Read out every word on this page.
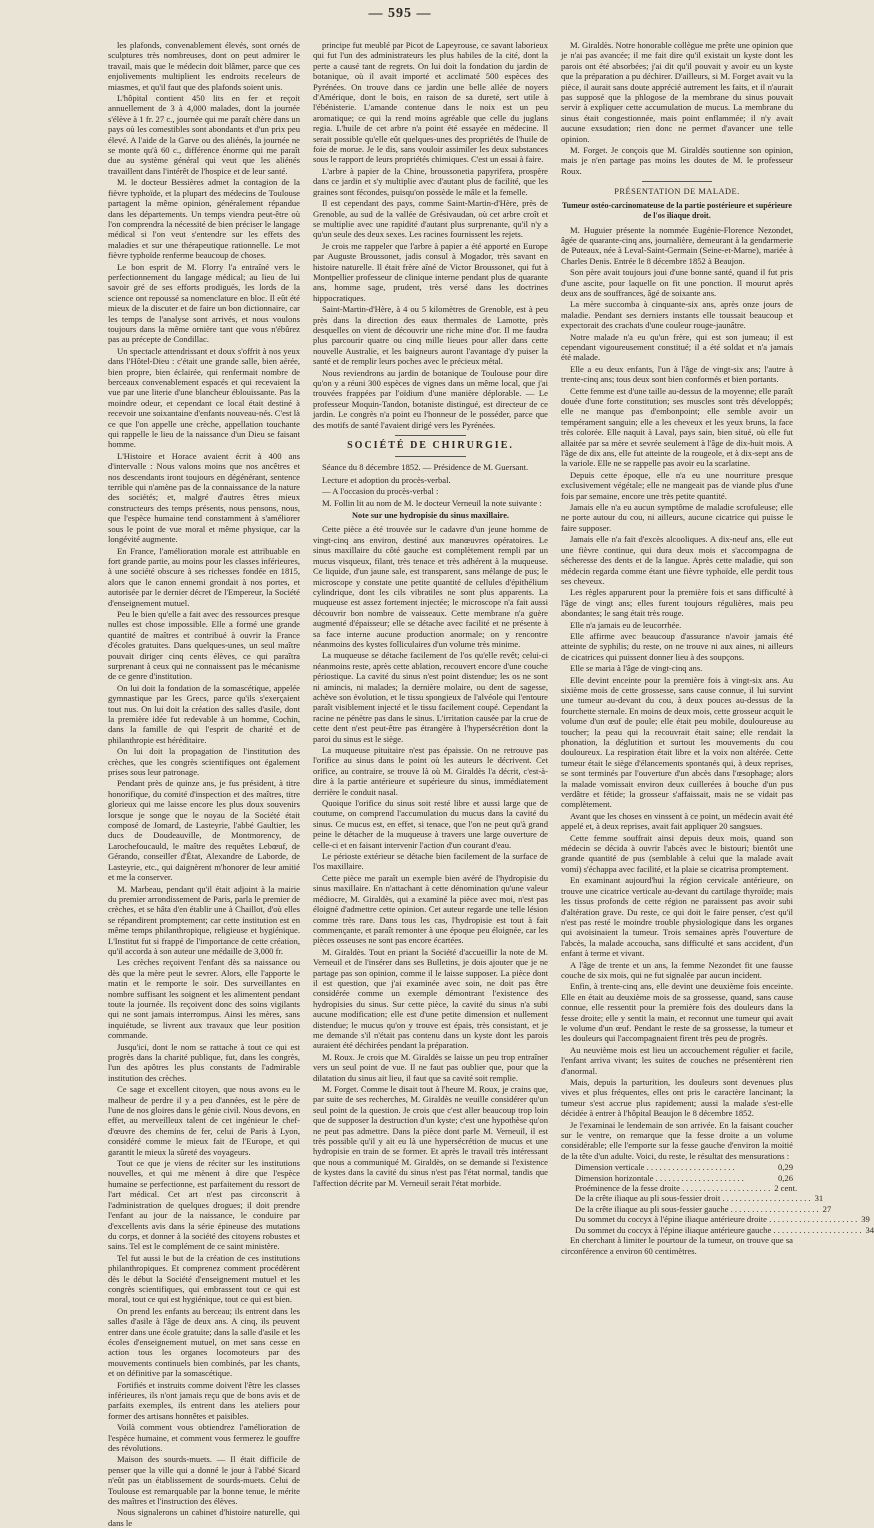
— 595 —

les plafonds, convenablement élevés, sont ornés de sculptures très nombreuses, dont on peut admirer le travail, mais que le médecin doit blâmer, parce que ces enjolivements multiplient les endroits receleurs de miasmes, et qu'il faut que des plafonds soient unis.

L'hôpital contient 450 lits en fer et reçoit annuellement de 3 à 4,000 malades, dont la journée s'élève à 1 fr. 27 c., journée qui me paraît chère dans un pays où les comestibles sont abondants et d'un prix peu élevé. A l'aide de la Garve ou des aliénés, la journée ne se monte qu'à 60 c., différence énorme qui me paraît due au système général qui veut que les aliénés travaillent dans l'intérêt de l'hospice et de leur santé.

M. le docteur Bessières admet la contagion de la fièvre typhoïde, et la plupart des médecins de Toulouse partagent la même opinion, généralement répandue dans les départements. Un temps viendra peut-être où l'on comprendra la nécessité de bien préciser le langage médical si l'on veut s'entendre sur les effets des maladies et sur une thérapeutique rationnelle. Le mot fièvre typhoïde renferme beaucoup de choses.

Le bon esprit de M. Florry l'a entraîné vers le perfectionnement du langage médical; au lieu de lui savoir gré de ses efforts prodigués, les lords de la science ont repoussé sa nomenclature en bloc. Il eût été mieux de la discuter et de faire un bon dictionnaire, car les temps de l'analyse sont arrivés, et nous voulons toujours dans la même ornière tant que vous n'ébûrez pas au précepte de Condillac.

Un spectacle attendrissant et doux s'offrit à nos yeux dans l'Hôtel-Dieu : c'était une grande salle, bien aérée, bien propre, bien éclairée, qui renfermait nombre de berceaux convenablement espacés et qui recevaient la vue par une literie d'une blancheur éblouissante. Pas la moindre odeur, et cependant ce local était destiné à recevoir une soixantaine d'enfants nouveau-nés. C'est là ce que l'on appelle une crèche, appellation touchante qui rappelle le lieu de la naissance d'un Dieu se faisant homme.

L'Histoire et Horace avaient écrit à 400 ans d'intervalle : Nous valons moins que nos ancêtres et nos descendants iront toujours en dégénérant, sentence terrible qui n'amène pas de la connaissance de la nature des sociétés; et, malgré d'autres êtres mieux constructeurs des temps présents, nous pensons, nous, que l'espèce humaine tend constamment à s'améliorer sous le point de vue moral et même physique, car la longévité augmente.

En France, l'amélioration morale est attribuable en fort grande partie, au moins pour les classes inférieures, à une société obscure à ses richesses fondée en 1815, alors que le canon ennemi grondait à nos portes, et autorisée par le dernier décret de l'Empereur, la Société d'enseignement mutuel.

Peu le bien qu'elle a fait avec des ressources presque nulles est chose impossible. Elle a formé une grande quantité de maîtres et contribué à ouvrir la France d'écoles gratuites. Dans quelques-unes, un seul maître pouvait diriger cinq cents élèves, ce qui paraîtra surprenant à ceux qui ne connaissent pas le mécanisme de ce genre d'institution.

On lui doit la fondation de la somascétique, appelée gymnastique par les Grecs, parce qu'ils s'exerçaient tout nus. On lui doit la création des salles d'asile, dont la première idée fut redevable à un homme, Cochin, dans la famille de qui l'esprit de charité et de philanthropie est héréditaire.

On lui doit la propagation de l'institution des crèches, que les congrès scientifiques ont également prises sous leur patronage.

Pendant près de quinze ans, je fus président, à titre honorifique, du comité d'inspection et des maîtres, titre glorieux qui me laisse encore les plus doux souvenirs lorsque je songe que le noyau de la Société était composé de Jomard, de Lasteyrie, l'abbé Gaultier, les ducs de Doudeauville, de Montmorency, de Larochefoucauld, le maître des requêtes Lebœuf, de Gérando, conseiller d'État, Alexandre de Laborde, de Lasteyrie, etc., qui daignèrent m'honorer de leur amitié et me la conserver.

M. Marbeau, pendant qu'il était adjoint à la mairie du premier arrondissement de Paris, parla le premier de crèches, et se hâta d'en établir une à Chaillot, d'où elles se répandirent promptement; car cette institution est en même temps philanthropique, religieuse et hygiénique. L'Institut fut si frappé de l'importance de cette création, qu'il accorda à son auteur une médaille de 3,000 fr.

Les crèches reçoivent l'enfant dès sa naissance ou dès que la mère peut le sevrer. Alors, elle l'apporte le matin et le remporte le soir. Des surveillantes en nombre suffisant les soignent et les alimentent pendant toute la journée. Ils reçoivent donc des soins vigilants qui ne sont jamais interrompus. Ainsi les mères, sans inquiétude, se livrent aux travaux que leur position commande.

Jusqu'ici, dont le nom se rattache à tout ce qui est progrès dans la charité publique, fut, dans les congrès, l'un des apôtres les plus constants de l'admirable institution des crèches.

Ce sage et excellent citoyen, que nous avons eu le malheur de perdre il y a peu d'années, est le père de l'une de nos gloires dans le génie civil. Nous devons, en effet, au merveilleux talent de cet ingénieur le chef-d'œuvre des chemins de fer, celui de Paris à Lyon, considéré comme le mieux fait de l'Europe, et qui garantit le mieux la sûreté des voyageurs.

Tout ce que je viens de réciter sur les institutions nouvelles, et qui me mènent à dire que l'espèce humaine se perfectionne, est parfaitement du ressort de l'art médical. Cet art n'est pas circonscrit à l'administration de quelques drogues; il doit prendre l'enfant au jour de la naissance, le conduire par d'excellents avis dans la série épineuse des mutations du corps, et donner à la société des citoyens robustes et sains. Tel est le complément de ce saint ministère.

Tel fut aussi le but de la création de ces institutions philanthropiques. Et comprenez comment procédèrent dès le début la Société d'enseignement mutuel et les congrès scientifiques, qui embrassent tout ce qui est moral, tout ce qui est hygiénique, tout ce qui est bien.

On prend les enfants au berceau; ils entrent dans les salles d'asile à l'âge de deux ans. A cinq, ils peuvent entrer dans une école gratuite; dans la salle d'asile et les écoles d'enseignement mutuel, on met sans cesse en action tous les organes locomoteurs par des mouvements continuels bien combinés, par les chants, et on définitive par la somascétique.

Fortifiés et instruits comme doivent l'être les classes inférieures, ils n'ont jamais reçu que de bons avis et de parfaits exemples, ils entrent dans les ateliers pour former des artisans honnêtes et paisibles.

Voilà comment vous obtiendrez l'amélioration de l'espèce humaine, et comment vous fermerez le gouffre des révolutions.

Maison des sourds-muets. — Il était difficile de penser que la ville qui a donné le jour à l'abbé Sicard n'eût pas un établissement de sourds-muets. Celui de Toulouse est remarquable par la bonne tenue, le mérite des maîtres et l'instruction des élèves.

Nous signalerons un cabinet d'histoire naturelle, qui dans le

principe fut meublé par Picot de Lapeyrouse, ce savant laborieux qui fut l'un des administrateurs les plus habiles de la cité, dont la perte a causé tant de regrets. On lui doit la fondation du jardin de botanique, où il avait importé et acclimaté 500 espèces des Pyrénées. On trouve dans ce jardin une belle allée de noyers d'Amérique, dont le bois, en raison de sa dureté, sert utile à l'ébénisterie. L'amande contenue dans le noix est un peu aromatique; ce qui la rend moins agréable que celle du juglans regia. L'huile de cet arbre n'a point été essayée en médecine. Il serait possible qu'elle eût quelques-unes des propriétés de l'huile de foie de morue. Je le dis, sans vouloir assimiler les deux substances sous le rapport de leurs propriétés chimiques. C'est un essai à faire.

L'arbre à papier de la Chine, broussonetia papyrifera, prospère dans ce jardin et s'y multiplie avec d'autant plus de facilité, que les graines sont fécondes, puisqu'on possède le mâle et la femelle.

Il est cependant des pays, comme Saint-Martin-d'Hère, près de Grenoble, au sud de la vallée de Grésivaudan, où cet arbre croît et se multiplie avec une rapidité d'autant plus surprenante, qu'il n'y a qu'un seule des deux sexes. Les racines fournissent les rejets.

Je crois me rappeler que l'arbre à papier a été apporté en Europe par Auguste Broussonet, jadis consul à Mogador, très savant en histoire naturelle. Il était frère aîné de Victor Broussonet, qui fut à Montpellier professeur de clinique interne pendant plus de quarante ans, homme sage, prudent, très versé dans les doctrines hippocratiques.

Saint-Martin-d'Hère, à 4 ou 5 kilomètres de Grenoble, est à peu près dans la direction des eaux thermales de Lamotte, près desquelles on vient de découvrir une riche mine d'or. Il me faudra plus parcourir quatre ou cinq mille lieues pour aller dans cette nouvelle Australie, et les baigneurs auront l'avantage d'y puiser la santé et de remplir leurs poches avec le précieux métal.

Nous reviendrons au jardin de botanique de Toulouse pour dire qu'on y a réuni 300 espèces de vignes dans un même local, que j'ai trouvées frappées par l'oïdium d'une manière déplorable. — Le professeur Moquin-Tandon, botaniste distingué, est directeur de ce jardin. Le congrès n'a point eu l'honneur de le posséder, parce que des motifs de santé l'avaient dirigé vers les Pyrénées.

SOCIÉTÉ DE CHIRURGIE.

Séance du 8 décembre 1852. — Présidence de M. Guersant.

Lecture et adoption du procès-verbal.

— A l'occasion du procès-verbal :

M. Follin lit au nom de M. le docteur Verneuil la note suivante :

Note sur une hydropisie du sinus maxillaire.

Cette pièce a été trouvée sur le cadavre d'un jeune homme de vingt-cinq ans environ, destiné aux manœuvres opératoires. Le sinus maxillaire du côté gauche est complètement rempli par un mucus visqueux, filant, très tenace et très adhérent à la muqueuse. Ce liquide, d'un jaune sale, est transparent, sans mélange de pus; le microscope y constate une petite quantité de cellules d'épithélium cylindrique, dont les cils vibratiles ne sont plus apparents. La muqueuse est assez fortement injectée; le microscope n'a fait aussi découvrir bon nombre de vaisseaux. Cette membrane n'a guère augmenté d'épaisseur; elle se détache avec facilité et ne présente à sa face interne aucune production anormale; on y rencontre néanmoins des kystes folliculaires d'un volume très minime.

La muqueuse se détache facilement de l'os qu'elle revêt; celui-ci néanmoins reste, après cette ablation, recouvert encore d'une couche périostique. La cavité du sinus n'est point distendue; les os ne sont ni amincis, ni malades; la dernière molaire, ou dent de sagesse, achève son évolution, et le tissu spongieux de l'alvéole qui l'entoure paraît visiblement injecté et le tissu facilement coupé. Cependant la racine ne pénètre pas dans le sinus. L'irritation causée par la crue de cette dent n'est peut-être pas étrangère à l'hypersécrétion dont la paroi du sinus est le siège.

La muqueuse pituitaire n'est pas épaissie. On ne retrouve pas l'orifice au sinus dans le point où les auteurs le décrivent. Cet orifice, au contraire, se trouve là où M. Giraldès l'a décrit, c'est-à-dire à la partie antérieure et supérieure du sinus, immédiatement derrière le conduit nasal.

Quoique l'orifice du sinus soit resté libre et aussi large que de coutume, on comprend l'accumulation du mucus dans la cavité du sinus. Ce mucus est, en effet, si tenace, que l'on ne peut qu'à grand peine le détacher de la muqueuse à travers une large ouverture de celle-ci et en faisant intervenir l'action d'un courant d'eau.

Le périoste extérieur se détache bien facilement de la surface de l'os maxillaire.

Cette pièce me paraît un exemple bien avéré de l'hydropisie du sinus maxillaire. En n'attachant à cette dénomination qu'une valeur médiocre, M. Giraldès, qui a examiné la pièce avec moi, n'est pas éloigné d'admettre cette opinion. Cet auteur regarde une telle lésion comme très rare. Dans tous les cas, l'hydropisie est tout à fait commençante, et paraît remonter à une époque peu éloignée, car les pièces osseuses ne sont pas encore écartées.

M. Giraldès. Tout en priant la Société d'accueillir la note de M. Verneuil et de l'insérer dans ses Bulletins, je dois ajouter que je ne partage pas son opinion, comme il le laisse supposer. La pièce dont il est question, que j'ai examinée avec soin, ne doit pas être considérée comme un exemple démontrant l'existence des hydropisies du sinus. Sur cette pièce, la cavité du sinus n'a subi aucune modification; elle est d'une petite dimension et nullement distendue; le mucus qu'on y trouve est épais, très consistant, et je me demande s'il n'était pas contenu dans un kyste dont les parois auraient été déchirées pendant la préparation.

M. Roux. Je crois que M. Giraldès se laisse un peu trop entraîner vers un seul point de vue. Il ne faut pas oublier que, pour que la dilatation du sinus ait lieu, il faut que sa cavité soit remplie.

M. Forget. Comme le disait tout à l'heure M. Roux, je crains que, par suite de ses recherches, M. Giraldès ne veuille considérer qu'un seul point de la question. Je crois que c'est aller beaucoup trop loin que de supposer la destruction d'un kyste; c'est une hypothèse qu'on ne peut pas admettre. Dans la pièce dont parle M. Verneuil, il est très possible qu'il y ait eu là une hypersécrétion de mucus et une hydropisie en train de se former. Et après le travail très intéressant que nous a communiqué M. Giraldès, on se demande si l'existence de kystes dans la cavité du sinus n'est pas l'état normal, tandis que l'affection décrite par M. Verneuil serait l'état morbide.

M. Giraldès. Notre honorable collègue me prête une opinion que je n'ai pas avancée; il me fait dire qu'il existait un kyste dont les parois ont été absorbées; j'ai dit qu'il pouvait y avoir eu un kyste que la préparation a pu déchirer. D'ailleurs, si M. Forget avait vu la pièce, il aurait sans doute apprécié autrement les faits, et il n'aurait pas supposé que la phlogose de la membrane du sinus pouvait servir à expliquer cette accumulation de mucus. La membrane du sinus était congestionnée, mais point enflammée; il n'y avait aucune exsudation; rien donc ne permet d'avancer une telle opinion.

M. Forget. Je conçois que M. Giraldès soutienne son opinion, mais je n'en partage pas moins les doutes de M. le professeur Roux.

PRÉSENTATION DE MALADE.
Tumeur ostéo-carcinomateuse de la partie postérieure et supérieure de l'os iliaque droit.

M. Huguier présente la nommée Eugénie-Florence Nezondet, âgée de quarante-cinq ans, journalière, demeurant à la gendarmerie de Puteaux, née à Leval-Saint-Germain (Seine-et-Marne), mariée à Charles Denis. Entrée le 8 décembre 1852 à Beaujon.

Son père avait toujours joui d'une bonne santé, quand il fut pris d'une ascite, pour laquelle on fit une ponction. Il mourut après deux ans de souffrances, âgé de soixante ans.

La mère succomba à cinquante-six ans, après onze jours de maladie. Pendant ses derniers instants elle toussait beaucoup et expectorait des crachats d'une couleur rouge-jaunâtre.

Notre malade n'a eu qu'un frère, qui est son jumeau; il est cependant vigoureusement constitué; il a été soldat et n'a jamais été malade.

Elle a eu deux enfants, l'un à l'âge de vingt-six ans; l'autre à trente-cinq ans; tous deux sont bien conformés et bien portants.

Cette femme est d'une taille au-dessus de la moyenne; elle paraît douée d'une forte constitution; ses muscles sont très développés; elle ne manque pas d'embonpoint; elle semble avoir un tempérament sanguin; elle a les cheveux et les yeux bruns, la face très colorée. Elle naquit à Laval, pays sain, bien situé, où elle fut allaitée par sa mère et sevrée seulement à l'âge de dix-huit mois. A l'âge de dix ans, elle fut atteinte de la rougeole, et à dix-sept ans de la variole. Elle ne se rappelle pas avoir eu la scarlatine.

Depuis cette époque, elle n'a eu une nourriture presque exclusivement végétale; elle ne mangeait pas de viande plus d'une fois par semaine, encore une très petite quantité.

Jamais elle n'a eu aucun symptôme de maladie scrofuleuse; elle ne porte autour du cou, ni ailleurs, aucune cicatrice qui puisse le faire supposer.

Jamais elle n'a fait d'excès alcooliques. A dix-neuf ans, elle eut une fièvre continue, qui dura deux mois et s'accompagna de sécheresse des dents et de la langue. Après cette maladie, qui son médecin regarda comme étant une fièvre typhoïde, elle perdit tous ses cheveux.

Les règles apparurent pour la première fois et sans difficulté à l'âge de vingt ans; elles furent toujours régulières, mais peu abondantes; le sang était très rouge.

Elle n'a jamais eu de leucorrhée.

Elle affirme avec beaucoup d'assurance n'avoir jamais été atteinte de syphilis; du reste, on ne trouve ni aux aines, ni ailleurs de cicatrices qui puissent donner lieu à des soupçons.

Elle se maria à l'âge de vingt-cinq ans.

Elle devint enceinte pour la première fois à vingt-six ans. Au sixième mois de cette grossesse, sans cause connue, il lui survint une tumeur au-devant du cou, à deux pouces au-dessus de la fourchette sternale. En moins de deux mois, cette grosseur acquit le volume d'un œuf de poule; elle était peu mobile, douloureuse au toucher; la peau qui la recouvrait était saine; elle rendait la phonation, la déglutition et surtout les mouvements du cou douloureux. La respiration était libre et la voix non altérée. Cette tumeur était le siège d'élancements spontanés qui, à deux reprises, se sont terminés par l'ouverture d'un abcès dans l'œsophage; alors la malade vomissait environ deux cuillerées à bouche d'un pus verdâtre et fétide; la grosseur s'affaissait, mais ne se vidait pas complètement.

Avant que les choses en vinssent à ce point, un médecin avait été appelé et, à deux reprises, avait fait appliquer 20 sangsues.

Cette femme souffrait ainsi depuis deux mois, quand son médecin se décida à ouvrir l'abcès avec le bistouri; bientôt une grande quantité de pus (semblable à celui que la malade avait vomi) s'échappa avec facilité, et la plaie se cicatrisa promptement.

En examinant aujourd'hui la région cervicale antérieure, on trouve une cicatrice verticale au-devant du cartilage thyroïde; mais les tissus profonds de cette région ne paraissent pas avoir subi d'altération grave. Du reste, ce qui doit le faire penser, c'est qu'il n'est pas resté le moindre trouble physiologique dans les organes qui avoisinaient la tumeur. Trois semaines après l'ouverture de l'abcès, la malade accoucha, sans difficulté et sans accident, d'un enfant à terme et vivant.

A l'âge de trente et un ans, la femme Nezondet fit une fausse couche de six mois, qui ne fut signalée par aucun incident.

Enfin, à trente-cinq ans, elle devint une deuxième fois enceinte. Elle en était au deuxième mois de sa grossesse, quand, sans cause connue, elle ressentit pour la première fois des douleurs dans la fesse droite; elle y sentit la main, et reconnut une tumeur qui avait le volume d'un œuf. Pendant le reste de sa grossesse, la tumeur et les douleurs qui l'accompagnaient firent très peu de progrès.

Au neuvième mois est lieu un accouchement régulier et facile, l'enfant arriva vivant; les suites de couches ne présentèrent rien d'anormal.

Mais, depuis la parturition, les douleurs sont devenues plus vives et plus fréquentes, elles ont pris le caractère lancinant; la tumeur s'est accrue plus rapidement; aussi la malade s'est-elle décidée à entrer à l'hôpital Beaujon le 8 décembre 1852.

Je l'examinai le lendemain de son arrivée. En la faisant coucher sur le ventre, on remarque que la fesse droite a un volume considérable; elle l'emporte sur la fesse gauche d'environ la moitié de la tête d'un adulte. Voici, du reste, le résultat des mensurations :

Dimension verticale . . .	0,29
Dimension horizontale . . .	0,26
Proéminence de la fesse droite . . .	2 cent.
De la crête iliaque au pli sous-fessier droit . . .	31
De la crête iliaque au pli sous-fessier gauche . . .	27
Du sommet du coccyx à l'épine iliaque antérieure droite . . .	39
Du sommet du coccyx à l'épine iliaque antérieure gauche . . .	34

En cherchant à limiter le pourtour de la tumeur, on trouve que sa circonférence a environ 60 centimètres.
